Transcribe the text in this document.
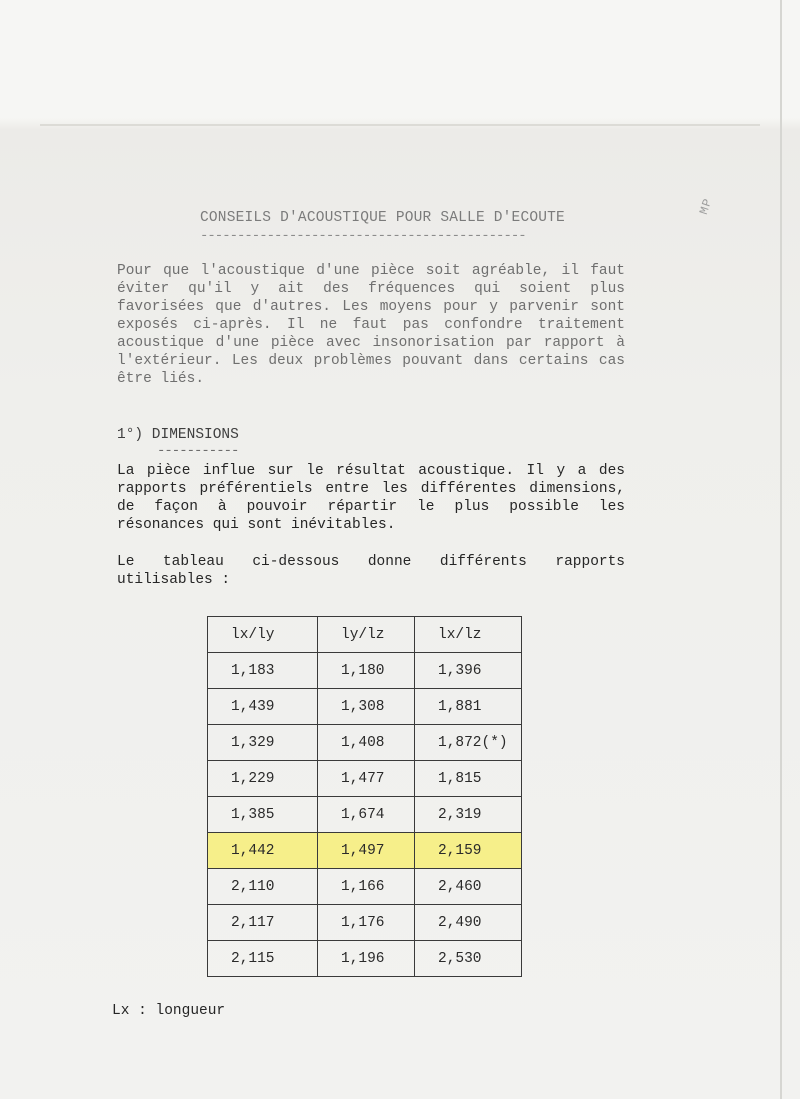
MP
CONSEILS D'ACOUSTIQUE POUR SALLE D'ECOUTE
--------------------------------------------

Pour que l'acoustique d'une pièce soit agréable, il faut éviter qu'il y ait des fréquences qui soient plus favorisées que d'autres. Les moyens pour y parvenir sont exposés ci-après. Il ne faut pas confondre traitement acoustique d'une pièce avec insonorisation par rapport à l'extérieur. Les deux problèmes pouvant dans certains cas être liés.

1°) DIMENSIONS
-----------

La pièce influe sur le résultat acoustique. Il y a des rapports préférentiels entre les différentes dimensions, de façon à pouvoir répartir le plus possible les résonances qui sont inévitables.

Le tableau ci-dessous donne différents rapports utilisables :

lx/ly	ly/lz	lx/lz
1,183	1,180	1,396
1,439	1,308	1,881
1,329	1,408	1,872(*)
1,229	1,477	1,815
1,385	1,674	2,319
1,442	1,497	2,159
2,110	1,166	2,460
2,117	1,176	2,490
2,115	1,196	2,530
Lx : longueur
